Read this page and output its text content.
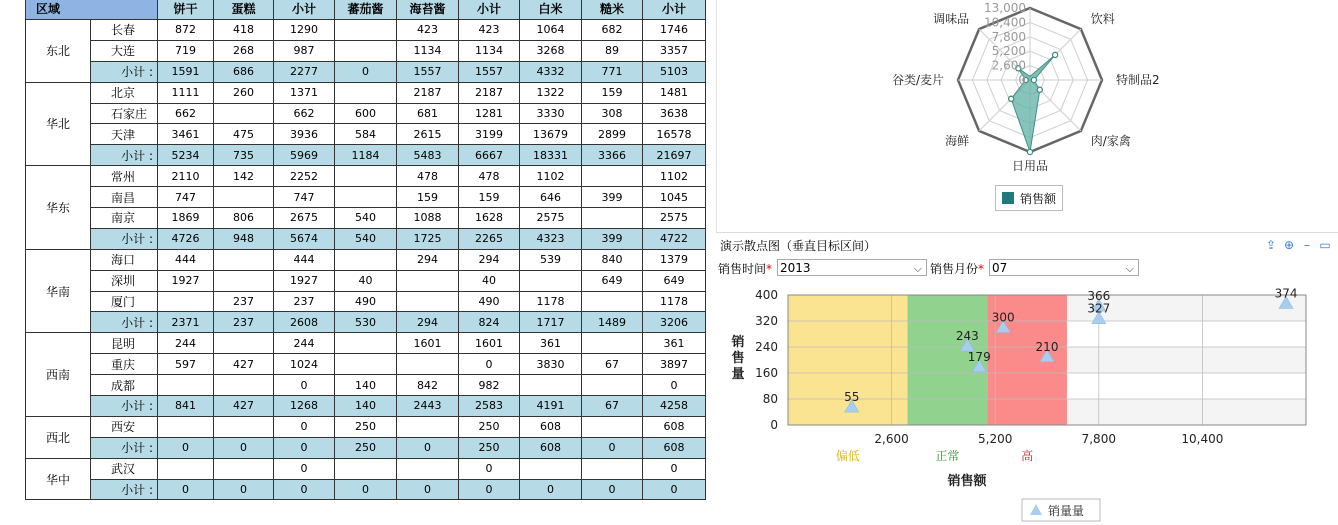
区域		饼干	蛋糕	小计	蕃茄酱	海苔酱	小计	白米	糙米	小计
东北	长春	872	418	1290		423	423	1064	682	1746
	大连	719	268	987		1134	1134	3268	89	3357
	小计 :	1591	686	2277	0	1557	1557	4332	771	5103
华北	北京	1111	260	1371		2187	2187	1322	159	1481
	石家庄	662		662	600	681	1281	3330	308	3638
	天津	3461	475	3936	584	2615	3199	13679	2899	16578
	小计 :	5234	735	5969	1184	5483	6667	18331	3366	21697
华东	常州	2110	142	2252		478	478	1102		1102
	南昌	747		747		159	159	646	399	1045
	南京	1869	806	2675	540	1088	1628	2575		2575
	小计 :	4726	948	5674	540	1725	2265	4323	399	4722
华南	海口	444		444		294	294	539	840	1379
	深圳	1927		1927	40		40		649	649
	厦门		237	237	490		490	1178		1178
	小计 :	2371	237	2608	530	294	824	1717	1489	3206
西南	昆明	244		244		1601	1601	361		361
	重庆	597	427	1024			0	3830	67	3897
	成都			0	140	842	982			0
	小计 :	841	427	1268	140	2443	2583	4191	67	4258
西北	西安			0	250		250	608		608
	小计 :	0	0	0	250	0	250	608	0	608
华中	武汉			0			0			0
	小计 :	0	0	0	0	0	0	0	0	0
0
2,600
5,200
7,800
10,400
13,000
饮料
特制品2
肉/家禽
日用品
海鲜
谷类/麦片
调味品
销售额
演示散点图（垂直目标区间）	⇪ ⊕ – ▭
销售时间* 2013	⌵ 销售月份* 07	⌵
0
80
160
240
320
400
2,600	5,200	7,800	10,400
偏低	正常	高
55
243
179
300
210
366
327
374
销售量
销售额
销量量
